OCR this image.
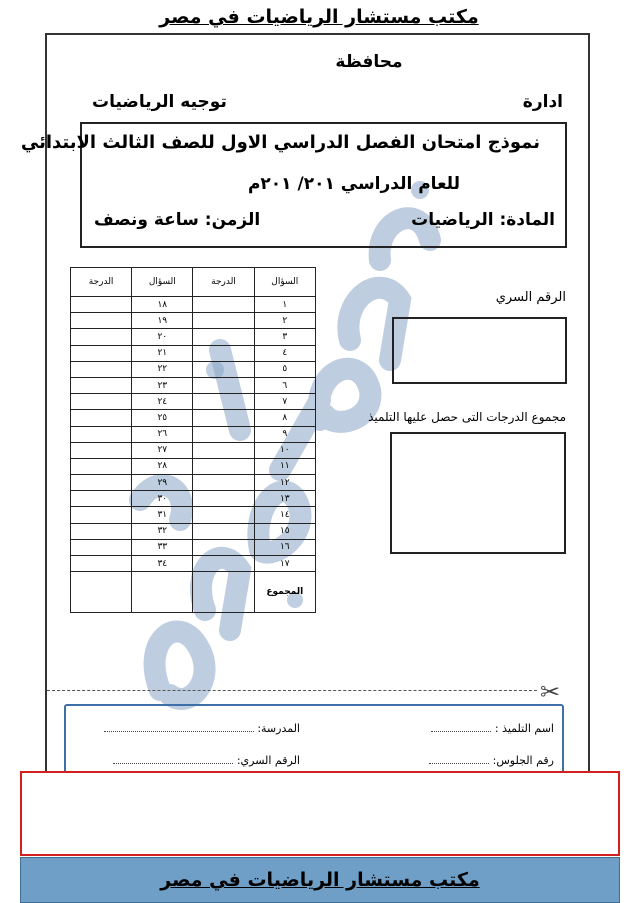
مكتب مستشار الرياضيات في مصر
محافظة
ادارة
توجيه الرياضيات
نموذج امتحان الفصل الدراسي الاول للصف الثالث الابتدائي
للعام الدراسي ٢٠١/ ٢٠١م
المادة: الرياضيات
الزمن: ساعة ونصف
الرقم السري
مجموع الدرجات التى حصل عليها التلميذ
السؤال	الدرجة	السؤال	الدرجة
١		١٨	
٢		١٩	
٣		٢٠	
٤		٢١	
٥		٢٢	
٦		٢٣	
٧		٢٤	
٨		٢٥	
٩		٢٦	
١٠		٢٧	
١١		٢٨	
١٢		٢٩	
١٣		٣٠	
١٤		٣١	
١٥		٣٢	
١٦		٣٣	
١٧		٣٤	
المجموع			
✂
اسم التلميذ :
المدرسة:
رقم الجلوس:
الرقم السري:
مكتب مستشار الرياضيات في مصر
